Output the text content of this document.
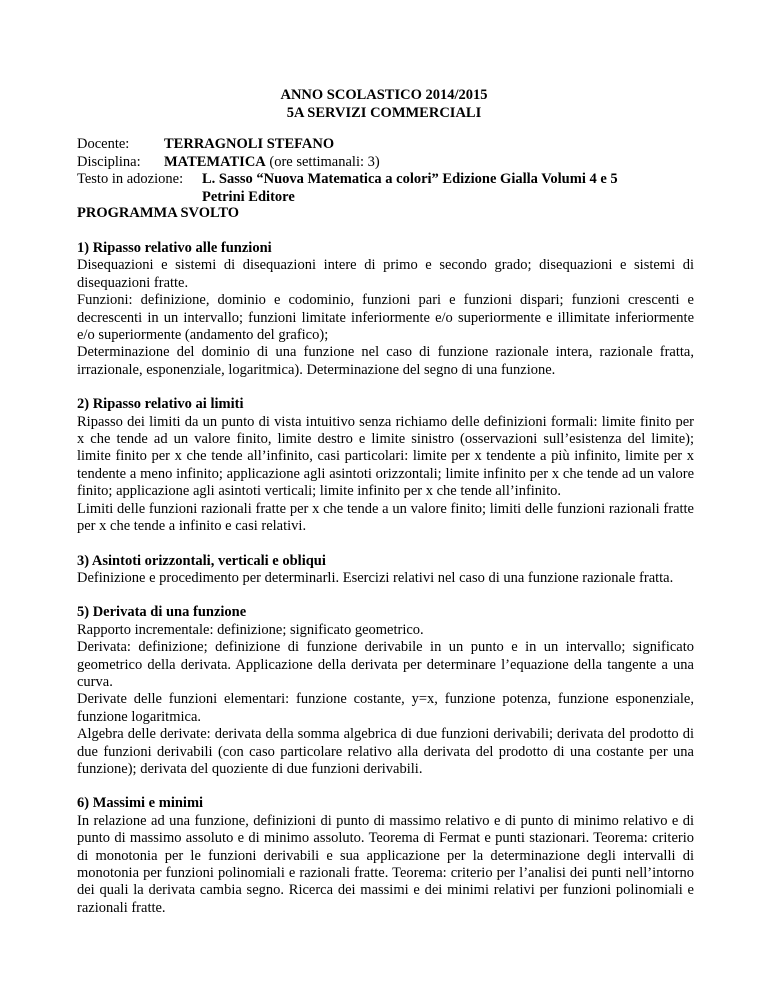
ANNO SCOLASTICO 2014/2015
5A SERVIZI COMMERCIALI
Docente:	TERRAGNOLI STEFANO
Disciplina:	MATEMATICA (ore settimanali: 3)
Testo in adozione:	L. Sasso “Nuova Matematica a colori” Edizione Gialla Volumi 4 e 5
Petrini Editore
PROGRAMMA SVOLTO
1) Ripasso relativo alle funzioni
Disequazioni e sistemi di disequazioni intere di primo e secondo grado; disequazioni e sistemi di disequazioni fratte.
Funzioni: definizione, dominio e codominio, funzioni pari e funzioni dispari; funzioni crescenti e decrescenti in un intervallo; funzioni limitate inferiormente e/o superiormente e illimitate inferiormente e/o superiormente (andamento del grafico);
Determinazione del dominio di una funzione nel caso di funzione razionale intera, razionale fratta, irrazionale, esponenziale, logaritmica). Determinazione del segno di una funzione.
2) Ripasso relativo ai limiti
Ripasso dei limiti da un punto di vista intuitivo senza richiamo delle definizioni formali: limite finito per x che tende ad un valore finito, limite destro e limite sinistro (osservazioni sull’esistenza del limite); limite finito per x che tende all’infinito, casi particolari: limite per x tendente a più infinito, limite per x tendente a meno infinito; applicazione agli asintoti orizzontali; limite infinito per x che tende ad un valore finito; applicazione agli asintoti verticali; limite infinito per x che tende all’infinito.
Limiti delle funzioni razionali fratte per x che tende a un valore finito; limiti delle funzioni razionali fratte per x che tende a infinito e casi relativi.
3) Asintoti orizzontali, verticali e obliqui
Definizione e procedimento per determinarli. Esercizi relativi nel caso di una funzione razionale fratta.
5) Derivata di una funzione
Rapporto incrementale: definizione; significato geometrico.
Derivata: definizione; definizione di funzione derivabile in un punto e in un intervallo; significato geometrico della derivata. Applicazione della derivata per determinare l’equazione della tangente a una curva.
Derivate delle funzioni elementari: funzione costante, y=x, funzione potenza, funzione esponenziale, funzione logaritmica.
Algebra delle derivate: derivata della somma algebrica di due funzioni derivabili; derivata del prodotto di due funzioni derivabili (con caso particolare relativo alla derivata del prodotto di una costante per una funzione); derivata del quoziente di due funzioni derivabili.
6) Massimi e minimi
In relazione ad una funzione, definizioni di punto di massimo relativo e di punto di minimo relativo e di punto di massimo assoluto e di minimo assoluto. Teorema di Fermat e punti stazionari. Teorema: criterio di monotonia per le funzioni derivabili e sua applicazione per la determinazione degli intervalli di monotonia per funzioni polinomiali e razionali fratte. Teorema: criterio per l’analisi dei punti nell’intorno dei quali la derivata cambia segno. Ricerca dei massimi e dei minimi relativi per funzioni polinomiali e razionali fratte.
